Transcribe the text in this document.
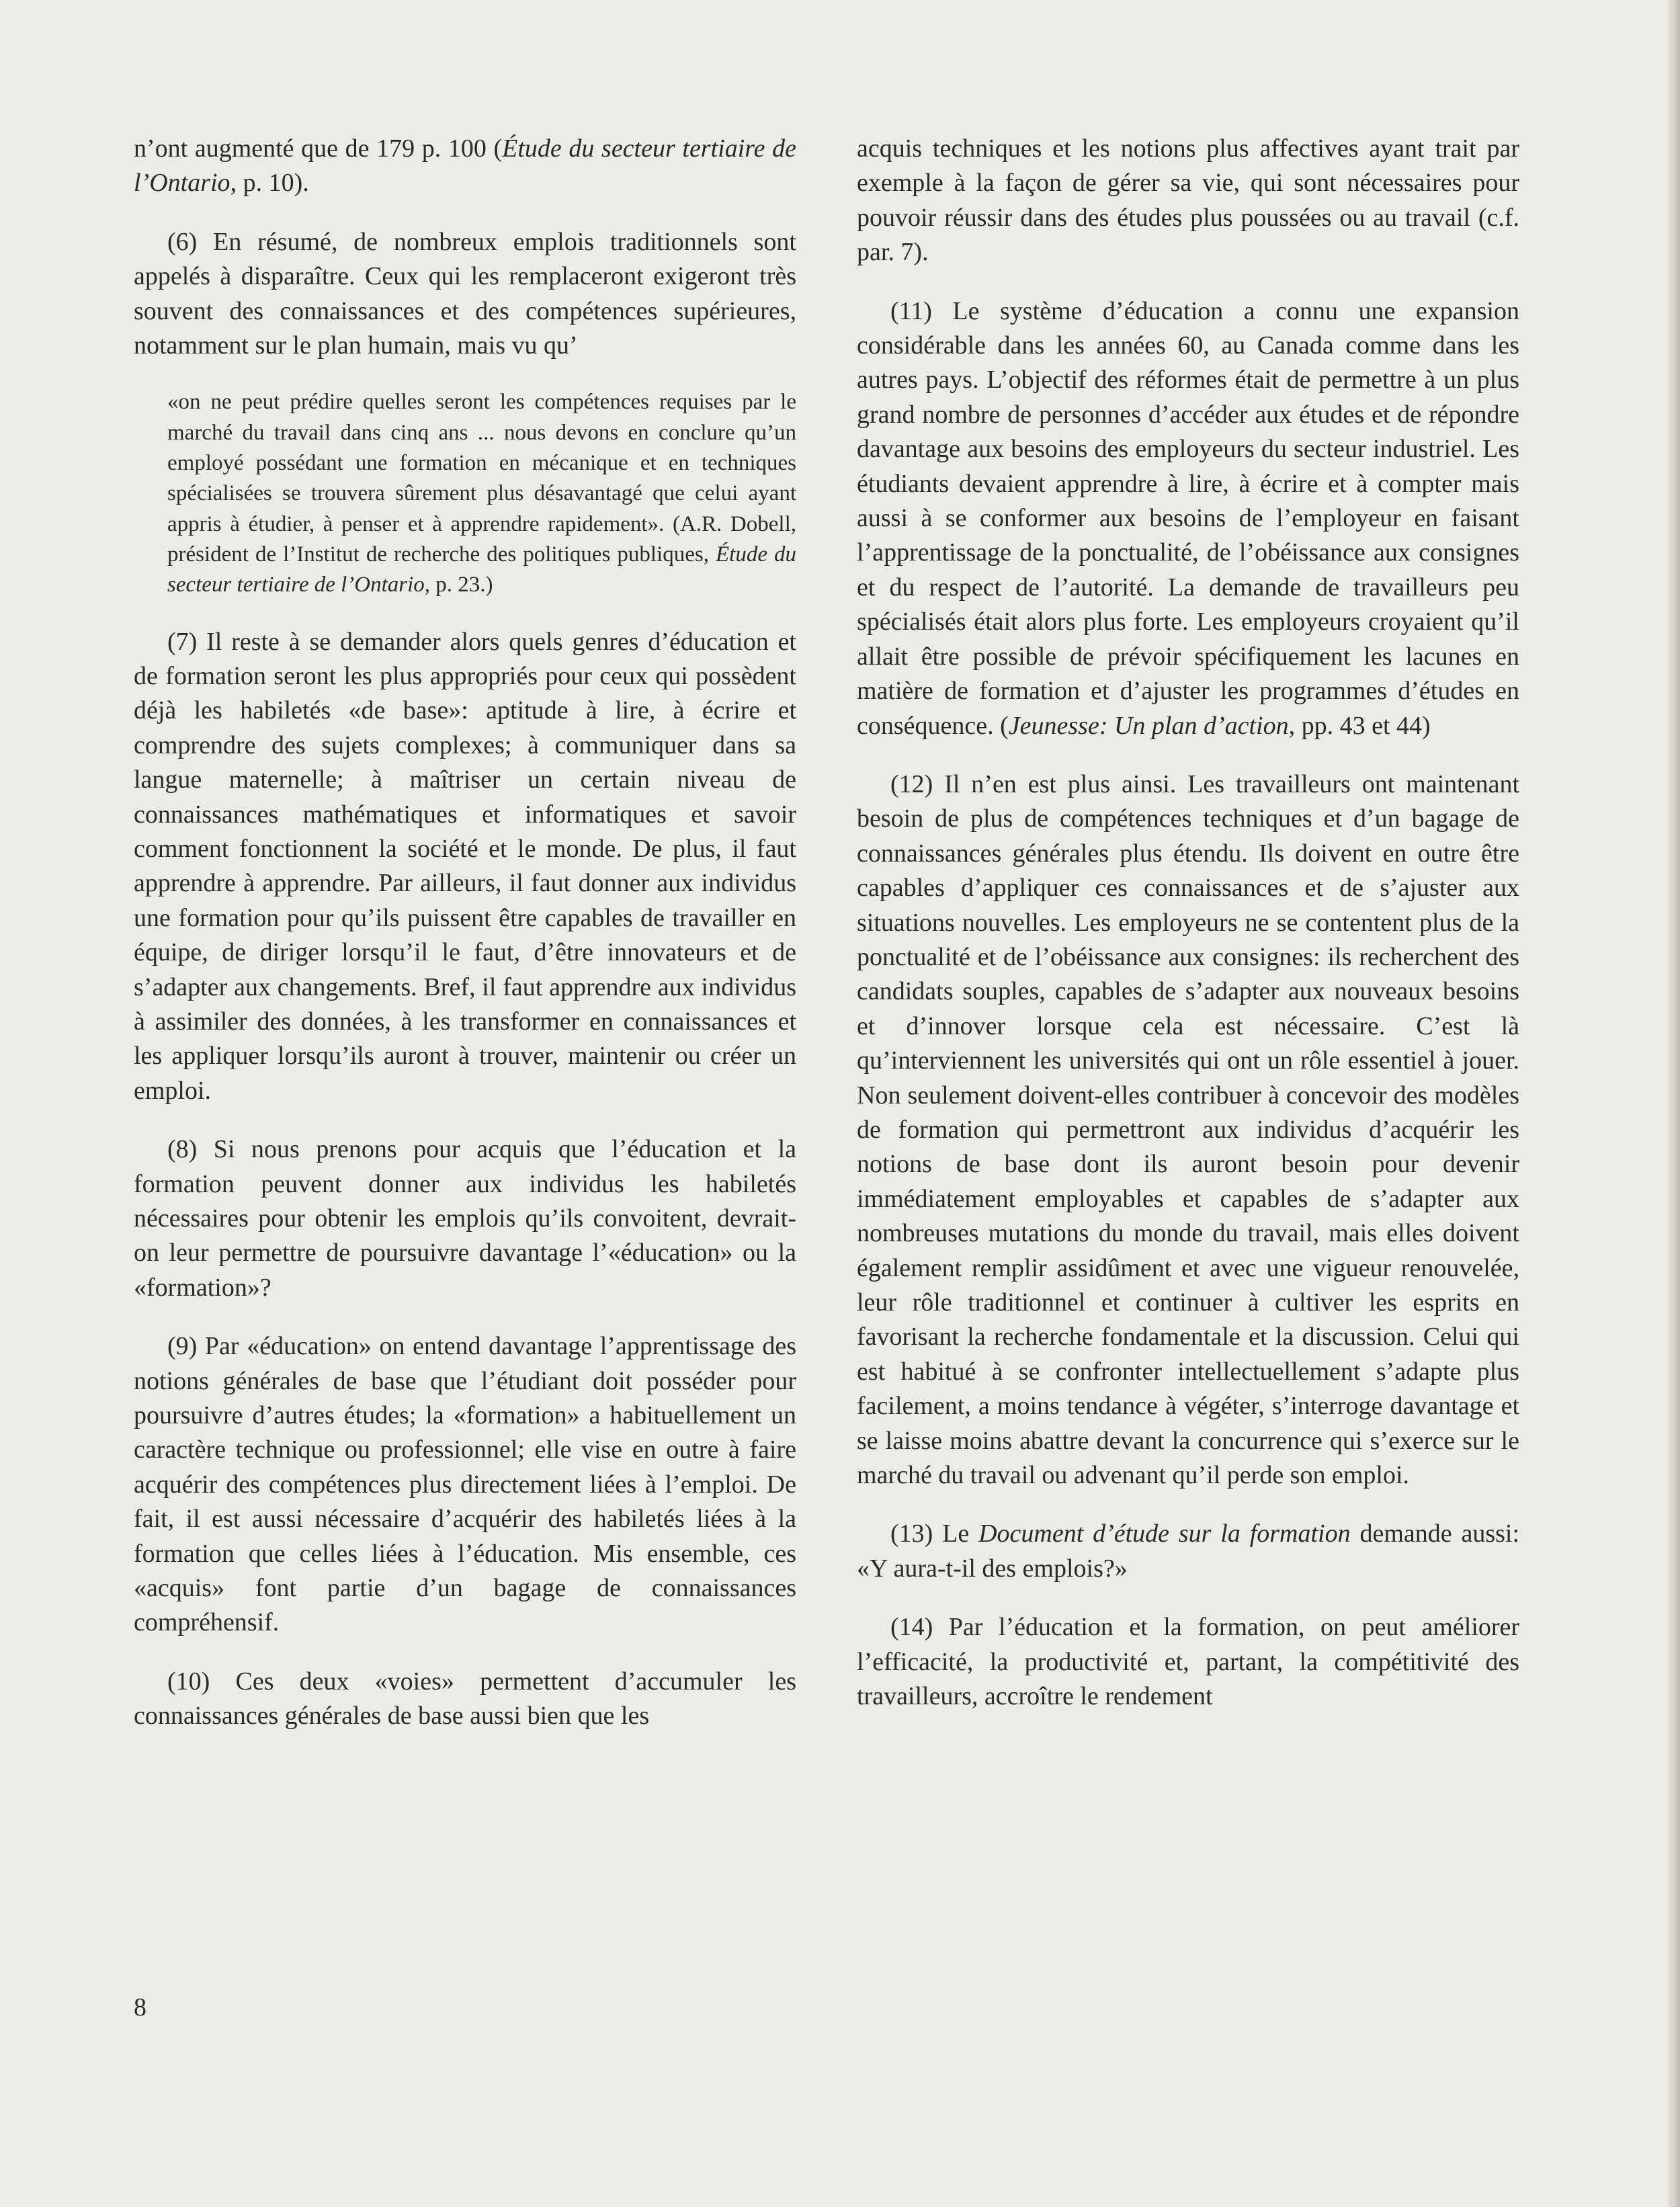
n’ont augmenté que de 179 p. 100 (Étude du secteur tertiaire de l’Ontario, p. 10).

(6) En résumé, de nombreux emplois traditionnels sont appelés à disparaître. Ceux qui les remplaceront exigeront très souvent des connaissances et des compétences supérieures, notamment sur le plan humain, mais vu qu’

«on ne peut prédire quelles seront les compétences requises par le marché du travail dans cinq ans ... nous devons en conclure qu’un employé possédant une formation en mécanique et en techniques spécialisées se trouvera sûrement plus désavantagé que celui ayant appris à étudier, à penser et à apprendre rapidement». (A.R. Dobell, président de l’Institut de recherche des politiques publiques, Étude du secteur tertiaire de l’Ontario, p. 23.)

(7) Il reste à se demander alors quels genres d’éducation et de formation seront les plus appropriés pour ceux qui possèdent déjà les habiletés «de base»: aptitude à lire, à écrire et comprendre des sujets complexes; à communiquer dans sa langue maternelle; à maîtriser un certain niveau de connaissances mathématiques et informatiques et savoir comment fonctionnent la société et le monde. De plus, il faut apprendre à apprendre. Par ailleurs, il faut donner aux individus une formation pour qu’ils puissent être capables de travailler en équipe, de diriger lorsqu’il le faut, d’être innovateurs et de s’adapter aux changements. Bref, il faut apprendre aux individus à assimiler des données, à les transformer en connaissances et les appliquer lorsqu’ils auront à trouver, maintenir ou créer un emploi.

(8) Si nous prenons pour acquis que l’éducation et la formation peuvent donner aux individus les habiletés nécessaires pour obtenir les emplois qu’ils convoitent, devrait-on leur permettre de poursuivre davantage l’«éducation» ou la «formation»?

(9) Par «éducation» on entend davantage l’apprentissage des notions générales de base que l’étudiant doit posséder pour poursuivre d’autres études; la «formation» a habituellement un caractère technique ou professionnel; elle vise en outre à faire acquérir des compétences plus directement liées à l’emploi. De fait, il est aussi nécessaire d’acquérir des habiletés liées à la formation que celles liées à l’éducation. Mis ensemble, ces «acquis» font partie d’un bagage de connaissances compréhensif.

(10) Ces deux «voies» permettent d’accumuler les connaissances générales de base aussi bien que les

acquis techniques et les notions plus affectives ayant trait par exemple à la façon de gérer sa vie, qui sont nécessaires pour pouvoir réussir dans des études plus poussées ou au travail (c.f. par. 7).

(11) Le système d’éducation a connu une expansion considérable dans les années 60, au Canada comme dans les autres pays. L’objectif des réformes était de permettre à un plus grand nombre de personnes d’accéder aux études et de répondre davantage aux besoins des employeurs du secteur industriel. Les étudiants devaient apprendre à lire, à écrire et à compter mais aussi à se conformer aux besoins de l’employeur en faisant l’apprentissage de la ponctualité, de l’obéissance aux consignes et du respect de l’autorité. La demande de travailleurs peu spécialisés était alors plus forte. Les employeurs croyaient qu’il allait être possible de prévoir spécifiquement les lacunes en matière de formation et d’ajuster les programmes d’études en conséquence. (Jeunesse: Un plan d’action, pp. 43 et 44)

(12) Il n’en est plus ainsi. Les travailleurs ont maintenant besoin de plus de compétences techniques et d’un bagage de connaissances générales plus étendu. Ils doivent en outre être capables d’appliquer ces connaissances et de s’ajuster aux situations nouvelles. Les employeurs ne se contentent plus de la ponctualité et de l’obéissance aux consignes: ils recherchent des candidats souples, capables de s’adapter aux nouveaux besoins et d’innover lorsque cela est nécessaire. C’est là qu’interviennent les universités qui ont un rôle essentiel à jouer. Non seulement doivent-elles contribuer à concevoir des modèles de formation qui permettront aux individus d’acquérir les notions de base dont ils auront besoin pour devenir immédiatement employables et capables de s’adapter aux nombreuses mutations du monde du travail, mais elles doivent également remplir assidûment et avec une vigueur renouvelée, leur rôle traditionnel et continuer à cultiver les esprits en favorisant la recherche fondamentale et la discussion. Celui qui est habitué à se confronter intellectuellement s’adapte plus facilement, a moins tendance à végéter, s’interroge davantage et se laisse moins abattre devant la concurrence qui s’exerce sur le marché du travail ou advenant qu’il perde son emploi.

(13) Le Document d’étude sur la formation demande aussi: «Y aura-t-il des emplois?»

(14) Par l’éducation et la formation, on peut améliorer l’efficacité, la productivité et, partant, la compétitivité des travailleurs, accroître le rendement

8
